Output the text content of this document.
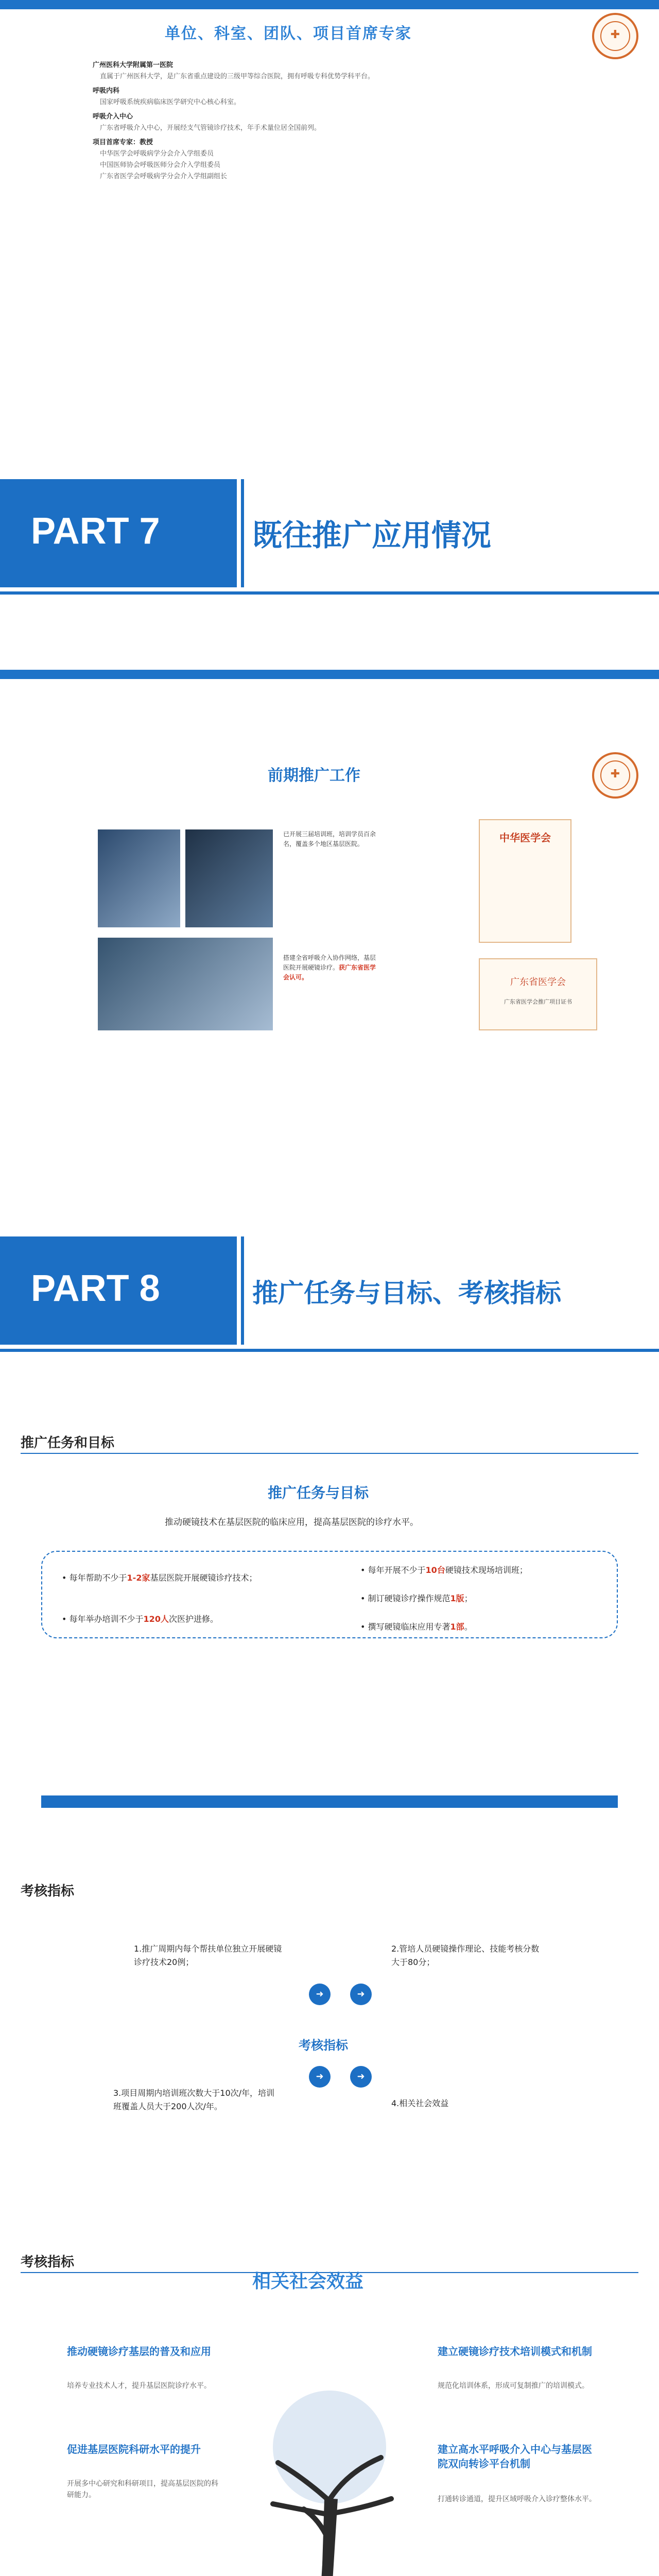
✚
单位、科室、团队、项目首席专家
广州医科大学附属第一医院
直属于广州医科大学，是广东省重点建设的三级甲等综合医院，拥有呼吸专科优势学科平台。
呼吸内科
国家呼吸系统疾病临床医学研究中心核心科室。
呼吸介入中心
广东省呼吸介入中心，开展经支气管镜诊疗技术，年手术量位居全国前列。
项目首席专家：教授
中华医学会呼吸病学分会介入学组委员
中国医师协会呼吸医师分会介入学组委员
广东省医学会呼吸病学分会介入学组副组长
PART 7	既往推广应用情况
✚
前期推广工作
已开展三届培训班，培训学员百余名，覆盖多个地区基层医院。	中华医学会
搭建全省呼吸介入协作网络，基层医院开展硬镜诊疗。获广东省医学会认可。	广东省医学会
广东省医学会推广项目证书
PART 8	推广任务与目标、考核指标
推广任务和目标
推广任务与目标
推动硬镜技术在基层医院的临床应用，提高基层医院的诊疗水平。
• 每年帮助不少于1-2家基层医院开展硬镜诊疗技术；
• 每年举办培训不少于120人次医护进修。
• 每年开展不少于10台硬镜技术现场培训班；
• 制订硬镜诊疗操作规范1版；
• 撰写硬镜临床应用专著1部。
考核指标
1.推广周期内每个帮扶单位独立开展硬镜诊疗技术20例；
2.管培人员硬镜操作理论、技能考核分数大于80分；
➜	➜
考核指标
➜	➜
3.项目周期内培训班次数大于10次/年，培训班覆盖人员大于200人次/年。	4.相关社会效益
考核指标
相关社会效益
推动硬镜诊疗基层的普及和应用
培养专业技术人才，提升基层医院诊疗水平。
促进基层医院科研水平的提升
开展多中心研究和科研项目，提高基层医院的科研能力。
建立硬镜诊疗技术培训模式和机制
规范化培训体系，形成可复制推广的培训模式。
建立高水平呼吸介入中心与基层医院双向转诊平台机制
打通转诊通道，提升区域呼吸介入诊疗整体水平。
